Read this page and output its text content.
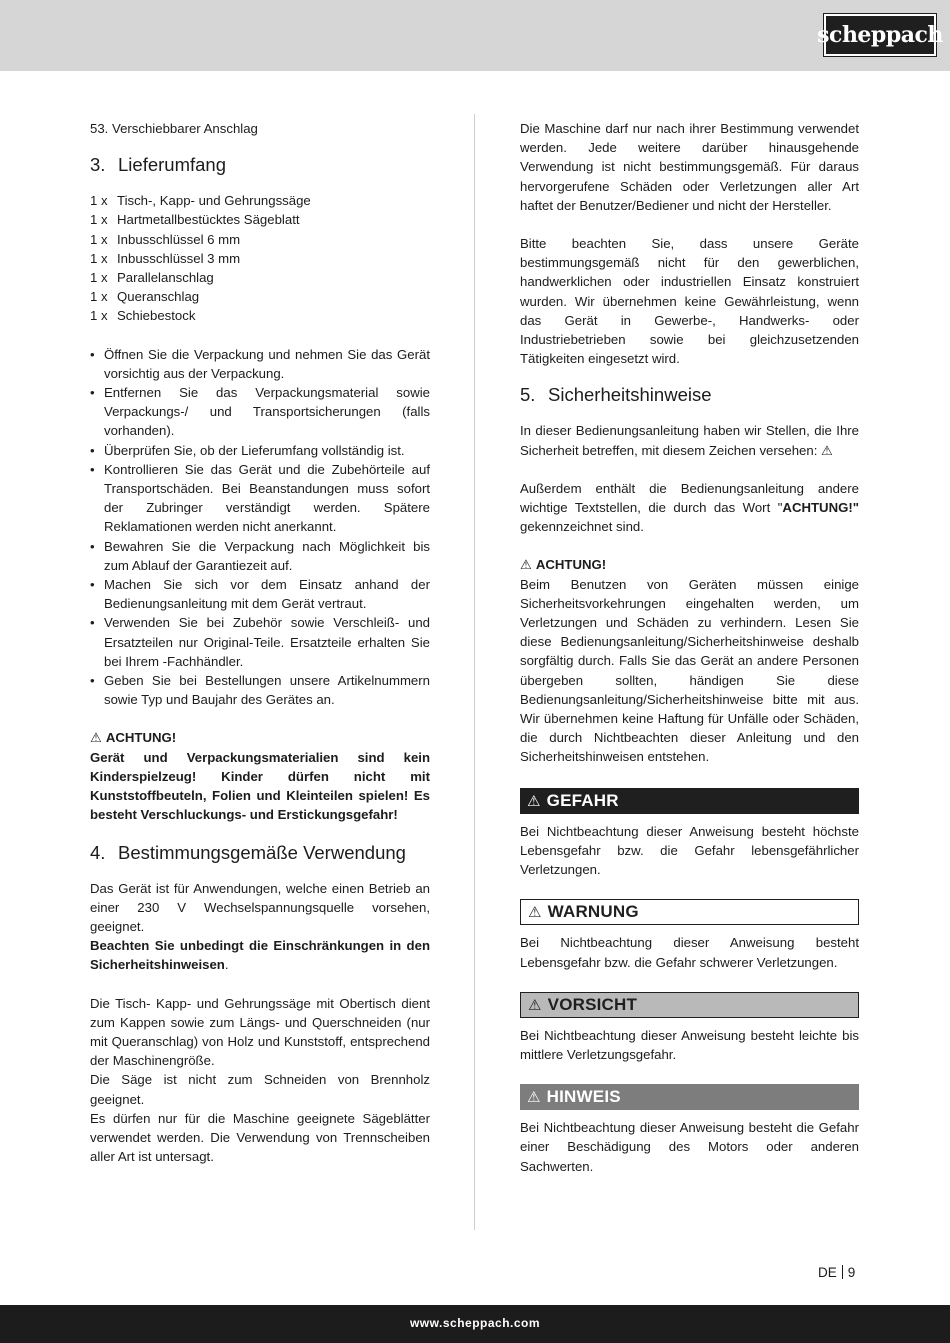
scheppach

53. Verschiebbarer Anschlag

3. Lieferumfang
1 x Tisch-, Kapp- und Gehrungssäge
1 x Hartmetallbestücktes Sägeblatt
1 x Inbusschlüssel 6 mm
1 x Inbusschlüssel 3 mm
1 x Parallelanschlag
1 x Queranschlag
1 x Schiebestock
• Öffnen Sie die Verpackung und nehmen Sie das Gerät vorsichtig aus der Verpackung.
• Entfernen Sie das Verpackungsmaterial sowie Verpackungs-/ und Transportsicherungen (falls vorhanden).
• Überprüfen Sie, ob der Lieferumfang vollständig ist.
• Kontrollieren Sie das Gerät und die Zubehörteile auf Transportschäden. Bei Beanstandungen muss sofort der Zubringer verständigt werden. Spätere Reklamationen werden nicht anerkannt.
• Bewahren Sie die Verpackung nach Möglichkeit bis zum Ablauf der Garantiezeit auf.
• Machen Sie sich vor dem Einsatz anhand der Bedienungsanleitung mit dem Gerät vertraut.
• Verwenden Sie bei Zubehör sowie Verschleiß- und Ersatzteilen nur Original-Teile. Ersatzteile erhalten Sie bei Ihrem -Fachhändler.
• Geben Sie bei Bestellungen unsere Artikelnummern sowie Typ und Baujahr des Gerätes an.

⚠ ACHTUNG!

Gerät und Verpackungsmaterialien sind kein Kinderspielzeug! Kinder dürfen nicht mit Kunststoffbeuteln, Folien und Kleinteilen spielen! Es besteht Verschluckungs- und Erstickungsgefahr!

4. Bestimmungsgemäße Verwendung

Das Gerät ist für Anwendungen, welche einen Betrieb an einer 230 V Wechselspannungsquelle vorsehen, geeignet.

Beachten Sie unbedingt die Einschränkungen in den Sicherheitshinweisen.

Die Tisch- Kapp- und Gehrungssäge mit Obertisch dient zum Kappen sowie zum Längs- und Querschneiden (nur mit Queranschlag) von Holz und Kunststoff, entsprechend der Maschinengröße.

Die Säge ist nicht zum Schneiden von Brennholz geeignet.

Es dürfen nur für die Maschine geeignete Sägeblätter verwendet werden. Die Verwendung von Trennscheiben aller Art ist untersagt.

Die Maschine darf nur nach ihrer Bestimmung verwendet werden. Jede weitere darüber hinausgehende Verwendung ist nicht bestimmungsgemäß. Für daraus hervorgerufene Schäden oder Verletzungen aller Art haftet der Benutzer/Bediener und nicht der Hersteller.

Bitte beachten Sie, dass unsere Geräte bestimmungsgemäß nicht für den gewerblichen, handwerklichen oder industriellen Einsatz konstruiert wurden. Wir übernehmen keine Gewährleistung, wenn das Gerät in Gewerbe-, Handwerks- oder Industriebetrieben sowie bei gleichzusetzenden Tätigkeiten eingesetzt wird.

5. Sicherheitshinweise

In dieser Bedienungsanleitung haben wir Stellen, die Ihre Sicherheit betreffen, mit diesem Zeichen versehen: ⚠

Außerdem enthält die Bedienungsanleitung andere wichtige Textstellen, die durch das Wort "ACHTUNG!" gekennzeichnet sind.

⚠ ACHTUNG!

Beim Benutzen von Geräten müssen einige Sicherheitsvorkehrungen eingehalten werden, um Verletzungen und Schäden zu verhindern. Lesen Sie diese Bedienungsanleitung/Sicherheitshinweise deshalb sorgfältig durch. Falls Sie das Gerät an andere Personen übergeben sollten, händigen Sie diese Bedienungsanleitung/Sicherheitshinweise bitte mit aus. Wir übernehmen keine Haftung für Unfälle oder Schäden, die durch Nichtbeachten dieser Anleitung und den Sicherheitshinweisen entstehen.

⚠ GEFAHR

Bei Nichtbeachtung dieser Anweisung besteht höchste Lebensgefahr bzw. die Gefahr lebensgefährlicher Verletzungen.

⚠ WARNUNG

Bei Nichtbeachtung dieser Anweisung besteht Lebensgefahr bzw. die Gefahr schwerer Verletzungen.

⚠ VORSICHT

Bei Nichtbeachtung dieser Anweisung besteht leichte bis mittlere Verletzungsgefahr.

⚠ HINWEIS

Bei Nichtbeachtung dieser Anweisung besteht die Gefahr einer Beschädigung des Motors oder anderen Sachwerten.

DE 9
www.scheppach.com
